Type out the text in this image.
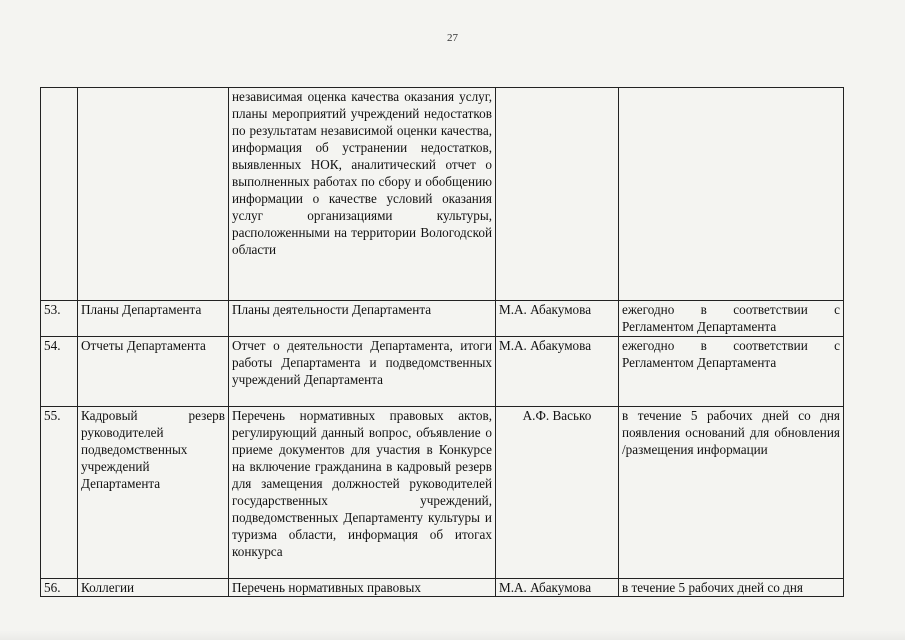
27
		независимая оценка качества оказания услуг, планы мероприятий учреждений недостатков по результатам независимой оценки качества, информация об устранении недостатков, выявленных НОК, аналитический отчет о выполненных работах по сбору и обобщению информации о качестве условий оказания услуг организациями культуры, расположенными на территории Вологодской области		
53.	Планы Департамента	Планы деятельности Департамента	М.А. Абакумова	ежегодно в соответствии с Регламентом Департамента
54.	Отчеты Департамента	Отчет о деятельности Департамента, итоги работы Департамента и подведомственных учреждений Департамента	М.А. Абакумова	ежегодно в соответствии с Регламентом Департамента
55.	Кадровый резерв руководителей подведомственных учреждений Департамента	Перечень нормативных правовых актов, регулирующий данный вопрос, объявление о приеме документов для участия в Конкурсе на включение гражданина в кадровый резерв для замещения должностей руководителей государственных учреждений, подведомственных Департаменту культуры и туризма области, информация об итогах конкурса	А.Ф. Васько	в течение 5 рабочих дней со дня появления оснований для обновления /размещения информации
56.	Коллегии	Перечень нормативных правовых	М.А. Абакумова	в течение 5 рабочих дней со дня
